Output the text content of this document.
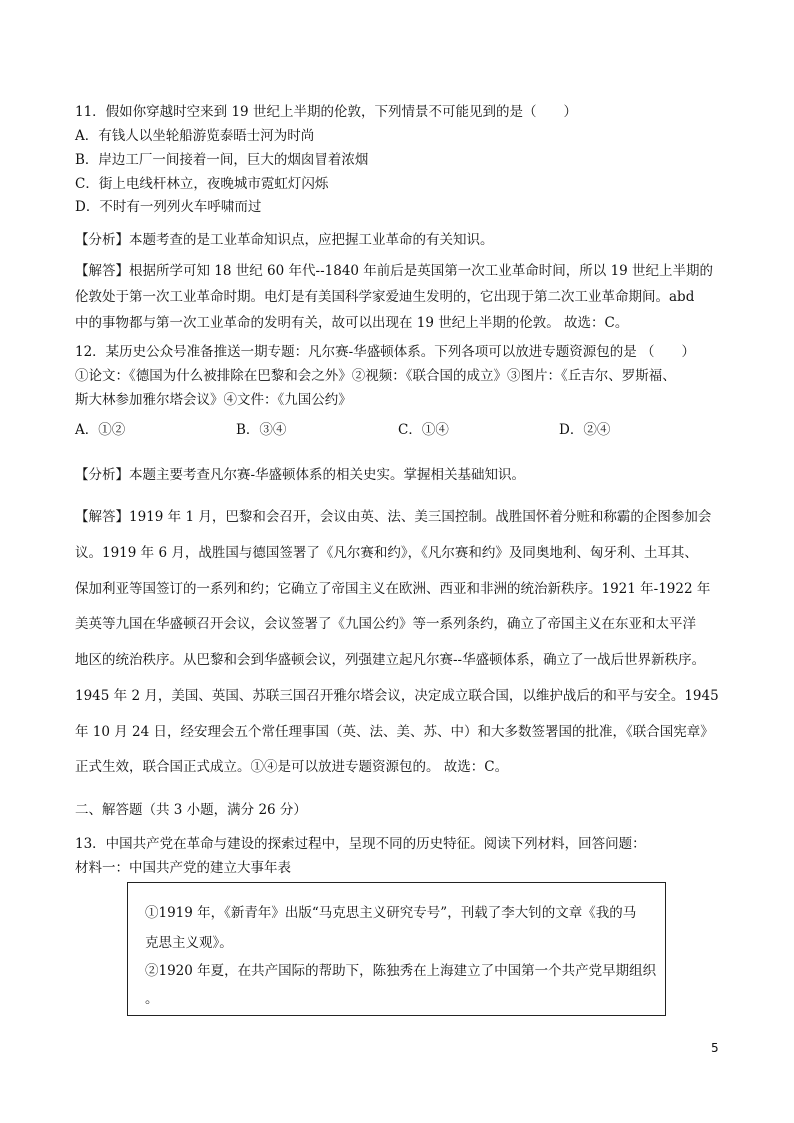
11．假如你穿越时空来到 19 世纪上半期的伦敦，下列情景不可能见到的是（　　）
A．有钱人以坐轮船游览泰晤士河为时尚
B．岸边工厂一间接着一间，巨大的烟囱冒着浓烟
C．街上电线杆林立，夜晚城市霓虹灯闪烁
D．不时有一列列火车呼啸而过
【分析】本题考查的是工业革命知识点，应把握工业革命的有关知识。
【解答】根据所学可知 18 世纪 60 年代--1840 年前后是英国第一次工业革命时间，所以 19 世纪上半期的
伦敦处于第一次工业革命时期。电灯是有美国科学家爱迪生发明的，它出现于第二次工业革命期间。abd
中的事物都与第一次工业革命的发明有关，故可以出现在 19 世纪上半期的伦敦。 故选：C。
12．某历史公众号准备推送一期专题：凡尔赛-华盛顿体系。下列各项可以放进专题资源包的是 （　　）
①论文：《德国为什么被排除在巴黎和会之外》②视频：《联合国的成立》③图片：《丘吉尔、罗斯福、
斯大林参加雅尔塔会议》④文件：《九国公约》
A．①②	B．③④	C．①④	D．②④
【分析】本题主要考查凡尔赛-华盛顿体系的相关史实。掌握相关基础知识。
【解答】1919 年 1 月，巴黎和会召开，会议由英、法、美三国控制。战胜国怀着分赃和称霸的企图参加会
议。1919 年 6 月，战胜国与德国签署了《凡尔赛和约》，《凡尔赛和约》及同奥地利、匈牙利、土耳其、
保加利亚等国签订的一系列和约；它确立了帝国主义在欧洲、西亚和非洲的统治新秩序。1921 年-1922 年
美英等九国在华盛顿召开会议，会议签署了《九国公约》等一系列条约，确立了帝国主义在东亚和太平洋
地区的统治秩序。从巴黎和会到华盛顿会议，列强建立起凡尔赛--华盛顿体系，确立了一战后世界新秩序。
1945 年 2 月，美国、英国、苏联三国召开雅尔塔会议，决定成立联合国，以维护战后的和平与安全。1945
年 10 月 24 日，经安理会五个常任理事国（英、法、美、苏、中）和大多数签署国的批准，《联合国宪章》
正式生效，联合国正式成立。①④是可以放进专题资源包的。 故选：C。
二、解答题（共 3 小题，满分 26 分）
13．中国共产党在革命与建设的探索过程中，呈现不同的历史特征。阅读下列材料，回答问题：
材料一：中国共产党的建立大事年表
①1919 年，《新青年》出版“马克思主义研究专号”，刊载了李大钊的文章《我的马
克思主义观》。
②1920 年夏，在共产国际的帮助下，陈独秀在上海建立了中国第一个共产党早期组织
。
5
